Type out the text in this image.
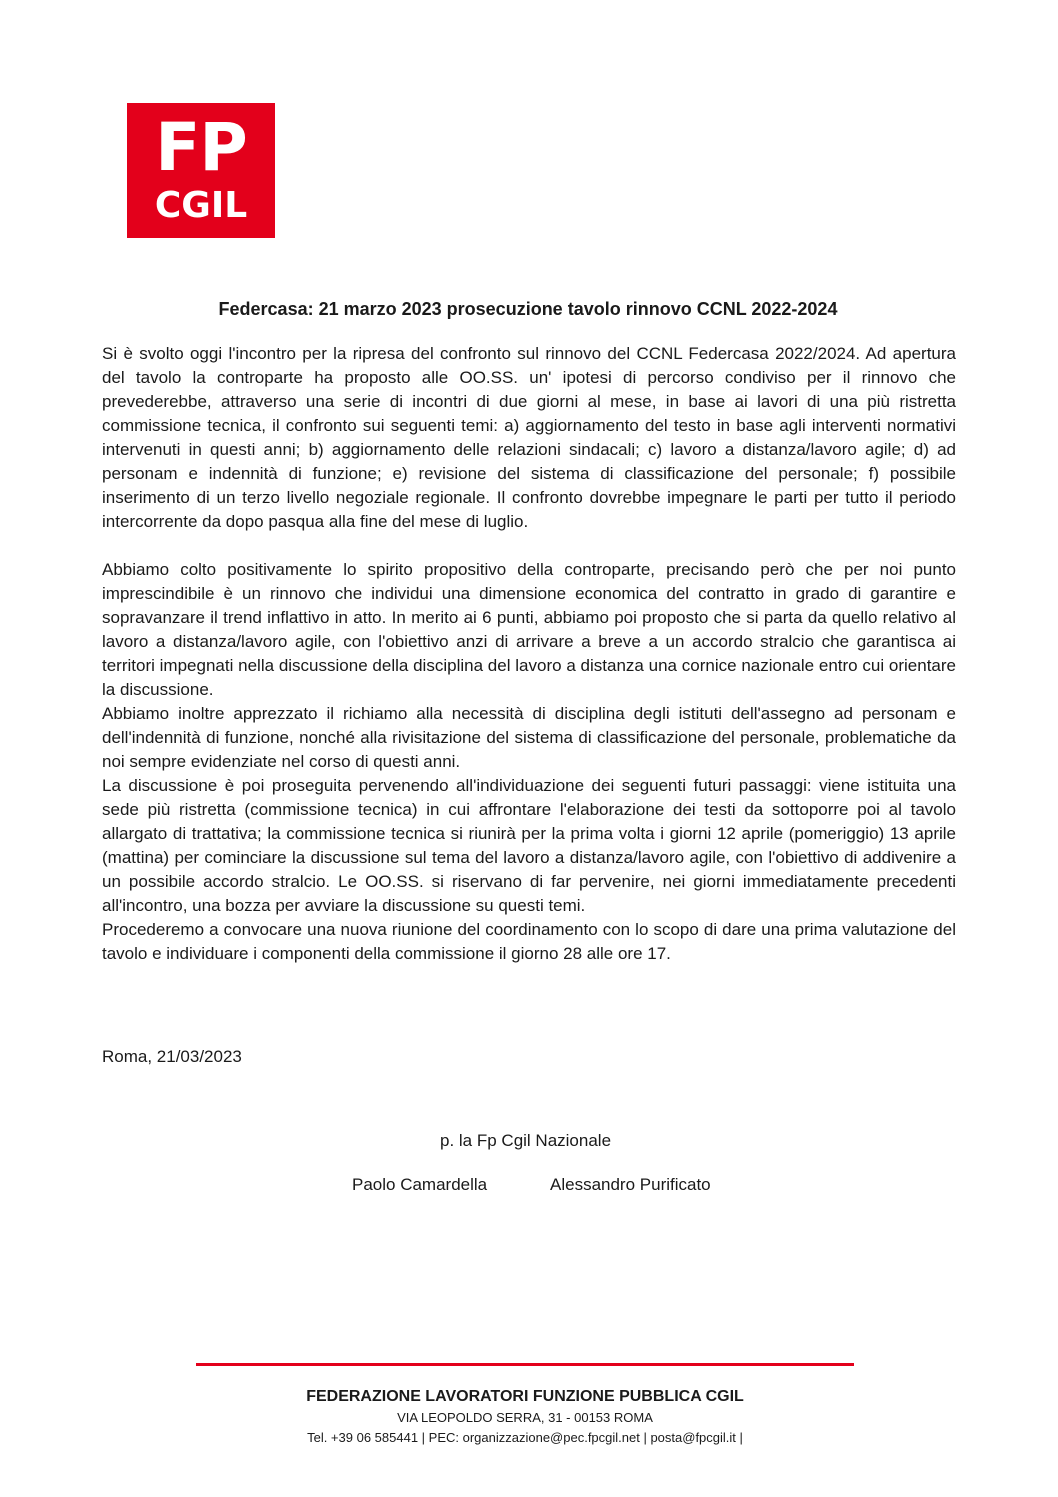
FP
CGIL
Federcasa: 21 marzo 2023 prosecuzione tavolo rinnovo CCNL 2022-2024

Si è svolto oggi l'incontro per la ripresa del confronto sul rinnovo del CCNL Federcasa 2022/2024. Ad apertura del tavolo la controparte ha proposto alle OO.SS. un' ipotesi di percorso condiviso per il rinnovo che prevederebbe, attraverso una serie di incontri di due giorni al mese, in base ai lavori di una più ristretta commissione tecnica, il confronto sui seguenti temi: a) aggiornamento del testo in base agli interventi normativi intervenuti in questi anni; b) aggiornamento delle relazioni sindacali; c) lavoro a distanza/lavoro agile; d) ad personam e indennità di funzione; e) revisione del sistema di classificazione del personale; f) possibile inserimento di un terzo livello negoziale regionale. Il confronto dovrebbe impegnare le parti per tutto il periodo intercorrente da dopo pasqua alla fine del mese di luglio.

Abbiamo colto positivamente lo spirito propositivo della controparte, precisando però che per noi punto imprescindibile è un rinnovo che individui una dimensione economica del contratto in grado di garantire e sopravanzare il trend inflattivo in atto. In merito ai 6 punti, abbiamo poi proposto che si parta da quello relativo al lavoro a distanza/lavoro agile, con l'obiettivo anzi di arrivare a breve a un accordo stralcio che garantisca ai territori impegnati nella discussione della disciplina del lavoro a distanza una cornice nazionale entro cui orientare la discussione.

Abbiamo inoltre apprezzato il richiamo alla necessità di disciplina degli istituti dell'assegno ad personam e dell'indennità di funzione, nonché alla rivisitazione del sistema di classificazione del personale, problematiche da noi sempre evidenziate nel corso di questi anni.

La discussione è poi proseguita pervenendo all'individuazione dei seguenti futuri passaggi: viene istituita una sede più ristretta (commissione tecnica) in cui affrontare l'elaborazione dei testi da sottoporre poi al tavolo allargato di trattativa; la commissione tecnica si riunirà per la prima volta i giorni 12 aprile (pomeriggio) 13 aprile (mattina) per cominciare la discussione sul tema del lavoro a distanza/lavoro agile, con l'obiettivo di addivenire a un possibile accordo stralcio. Le OO.SS. si riservano di far pervenire, nei giorni immediatamente precedenti all'incontro, una bozza per avviare la discussione su questi temi.

Procederemo a convocare una nuova riunione del coordinamento con lo scopo di dare una prima valutazione del tavolo e individuare i componenti della commissione il giorno 28 alle ore 17.

Roma, 21/03/2023
p. la Fp Cgil Nazionale
Paolo Camardella	Alessandro Purificato
FEDERAZIONE LAVORATORI FUNZIONE PUBBLICA CGIL
VIA LEOPOLDO SERRA, 31 - 00153 ROMA
Tel. +39 06 585441 | PEC: organizzazione@pec.fpcgil.net | posta@fpcgil.it |
